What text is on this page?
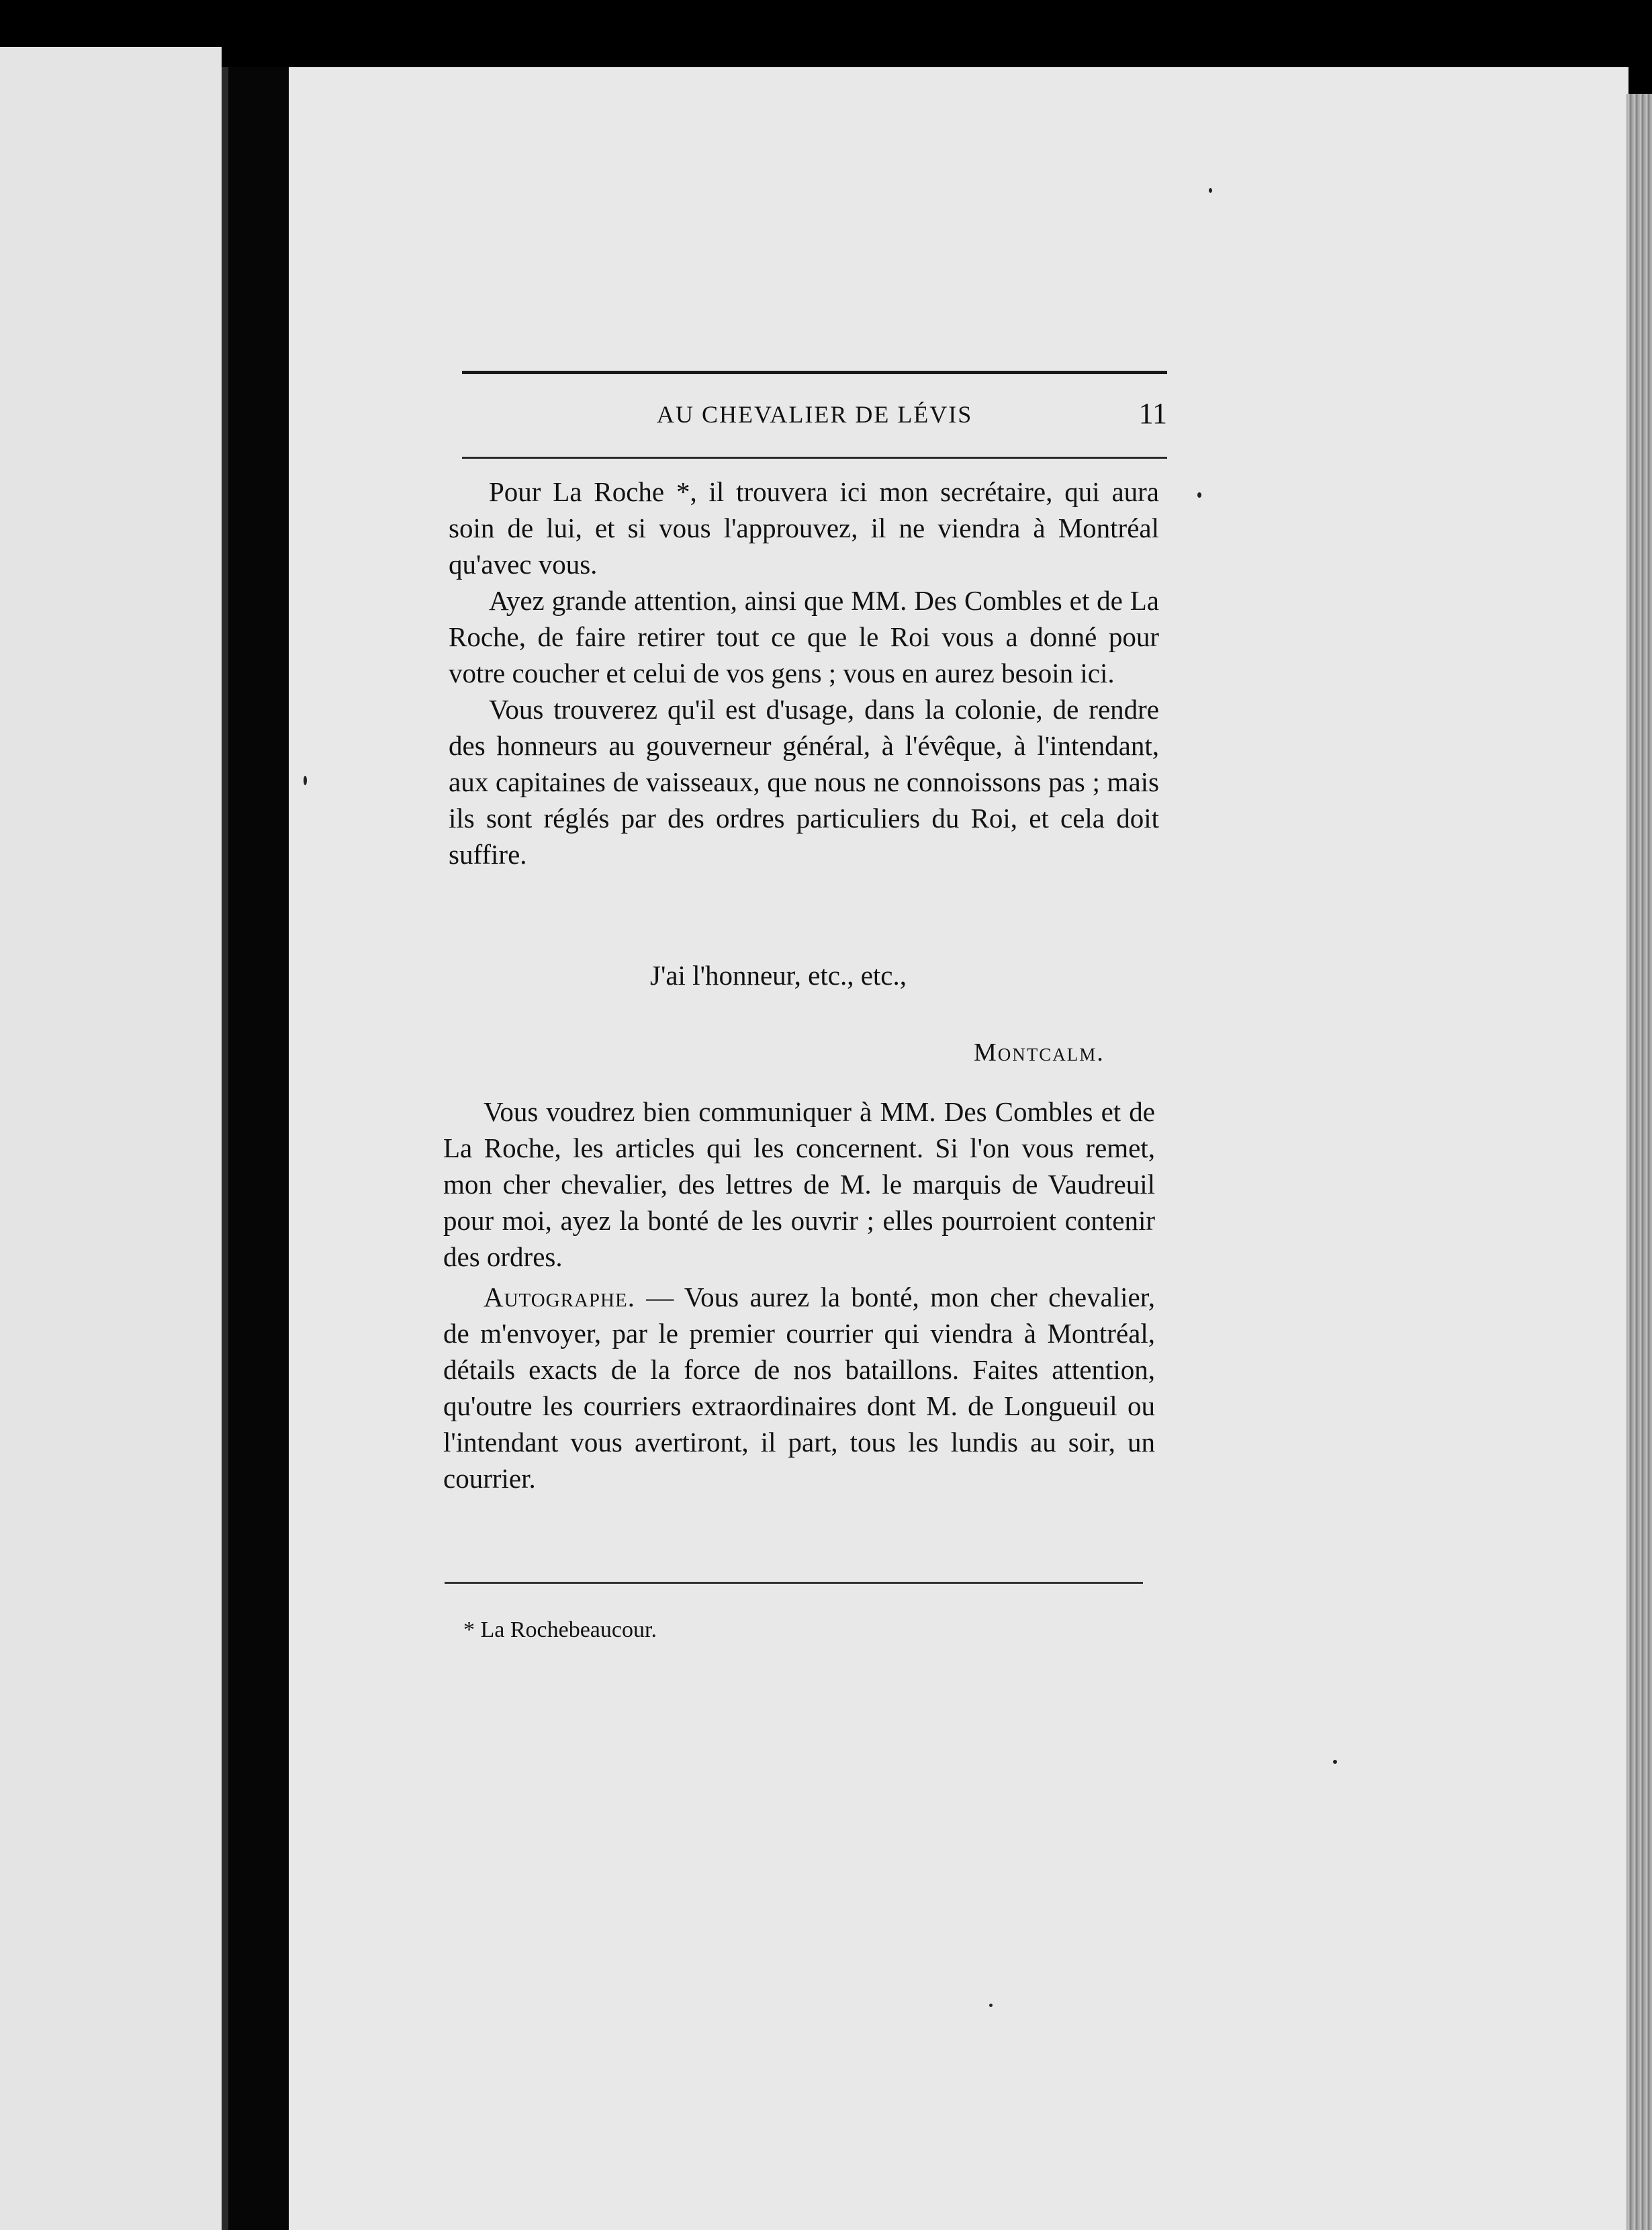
AU CHEVALIER DE LÉVIS	11

Pour La Roche *, il trouvera ici mon secrétaire, qui aura soin de lui, et si vous l'approuvez, il ne viendra à Montréal qu'avec vous.

Ayez grande attention, ainsi que MM. Des Combles et de La Roche, de faire retirer tout ce que le Roi vous a donné pour votre coucher et celui de vos gens ; vous en aurez besoin ici.

Vous trouverez qu'il est d'usage, dans la colonie, de rendre des honneurs au gouverneur général, à l'évêque, à l'intendant, aux capitaines de vaisseaux, que nous ne connoissons pas ; mais ils sont réglés par des ordres particuliers du Roi, et cela doit suffire.

J'ai l'honneur, etc., etc.,
Montcalm.

Vous voudrez bien communiquer à MM. Des Combles et de La Roche, les articles qui les concernent. Si l'on vous remet, mon cher chevalier, des lettres de M. le marquis de Vaudreuil pour moi, ayez la bonté de les ouvrir ; elles pourroient contenir des ordres.

Autographe. — Vous aurez la bonté, mon cher chevalier, de m'envoyer, par le premier courrier qui viendra à Montréal, détails exacts de la force de nos bataillons. Faites attention, qu'outre les courriers extraordinaires dont M. de Longueuil ou l'intendant vous avertiront, il part, tous les lundis au soir, un courrier.

* La Rochebeaucour.
